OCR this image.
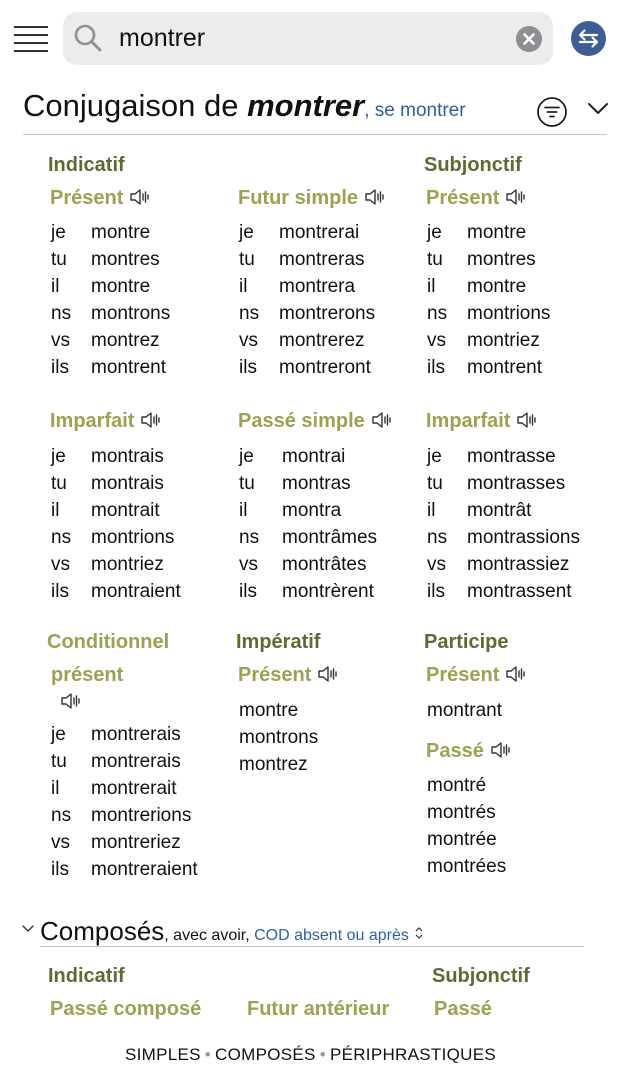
montrer
Conjugaison de montrer, se montrer
Indicatif	Subjonctif
Présent
je montre
tu montres
il montre
ns montrons
vs montrez
ils montrent
Futur simple
je montrerai
tu montreras
il montrera
ns montrerons
vs montrerez
ils montreront
Présent
je montre
tu montres
il montre
ns montrions
vs montriez
ils montrent
Imparfait
je montrais
tu montrais
il montrait
ns montrions
vs montriez
ils montraient
Passé simple
je montrai
tu montras
il montra
ns montrâmes
vs montrâtes
ils montrèrent
Imparfait
je montrasse
tu montrasses
il montrât
ns montrassions
vs montrassiez
ils montrassent
Conditionnel
présent
je montrerais
tu montrerais
il montrerait
ns montrerions
vs montreriez
ils montreraient
Impératif
Présent
montre
montrons
montrez
Participe
Présent
montrant
Passé
montré
montrés
montrée
montrées
Composés, avec avoir, COD absent ou après
Indicatif	Subjonctif
Passé composé Futur antérieur Passé
SIMPLES • COMPOSÉS • PÉRIPHRASTIQUES
